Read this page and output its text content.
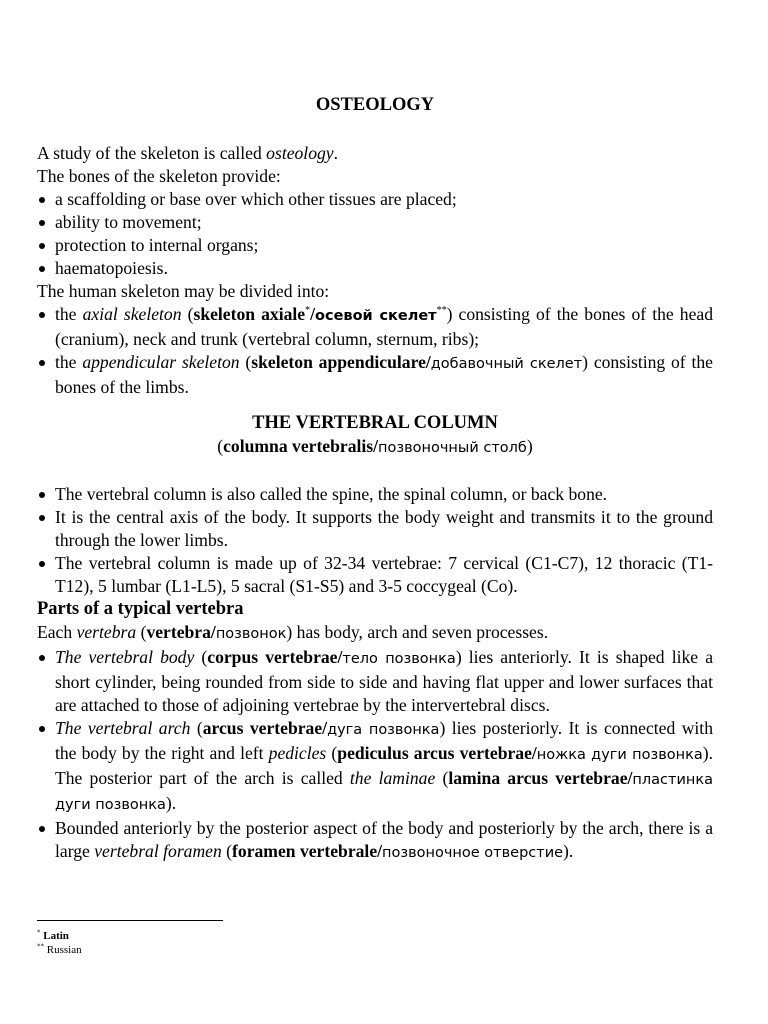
OSTEOLOGY

A study of the skeleton is called osteology.

The bones of the skeleton provide:

a scaffolding or base over which other tissues are placed;
ability to movement;
protection to internal organs;
haematopoiesis.

The human skeleton may be divided into:

the axial skeleton (skeleton axiale*/осевой скелет**) consisting of the bones of the head (cranium), neck and trunk (vertebral column, sternum, ribs);
the appendicular skeleton (skeleton appendiculare/добавочный скелет) consisting of the bones of the limbs.
THE VERTEBRAL COLUMN

(columna vertebralis/позвоночный столб)

The vertebral column is also called the spine, the spinal column, or back bone.
It is the central axis of the body. It supports the body weight and transmits it to the ground through the lower limbs.
The vertebral column is made up of 32-34 vertebrae: 7 cervical (C1-C7), 12 thoracic (T1-T12), 5 lumbar (L1-L5), 5 sacral (S1-S5) and 3-5 coccygeal (Co).

Parts of a typical vertebra

Each vertebra (vertebra/позвонок) has body, arch and seven processes.

The vertebral body (corpus vertebrae/тело позвонка) lies anteriorly. It is shaped like a short cylinder, being rounded from side to side and having flat upper and lower surfaces that are attached to those of adjoining vertebrae by the intervertebral discs.
The vertebral arch (arcus vertebrae/дуга позвонка) lies posteriorly. It is connected with the body by the right and left pedicles (pediculus arcus vertebrae/ножка дуги позвонка). The posterior part of the arch is called the laminae (lamina arcus vertebrae/пластинка дуги позвонка).
Bounded anteriorly by the posterior aspect of the body and posteriorly by the arch, there is a large vertebral foramen (foramen vertebrale/позвоночное отверстие).
* Latin
** Russian
